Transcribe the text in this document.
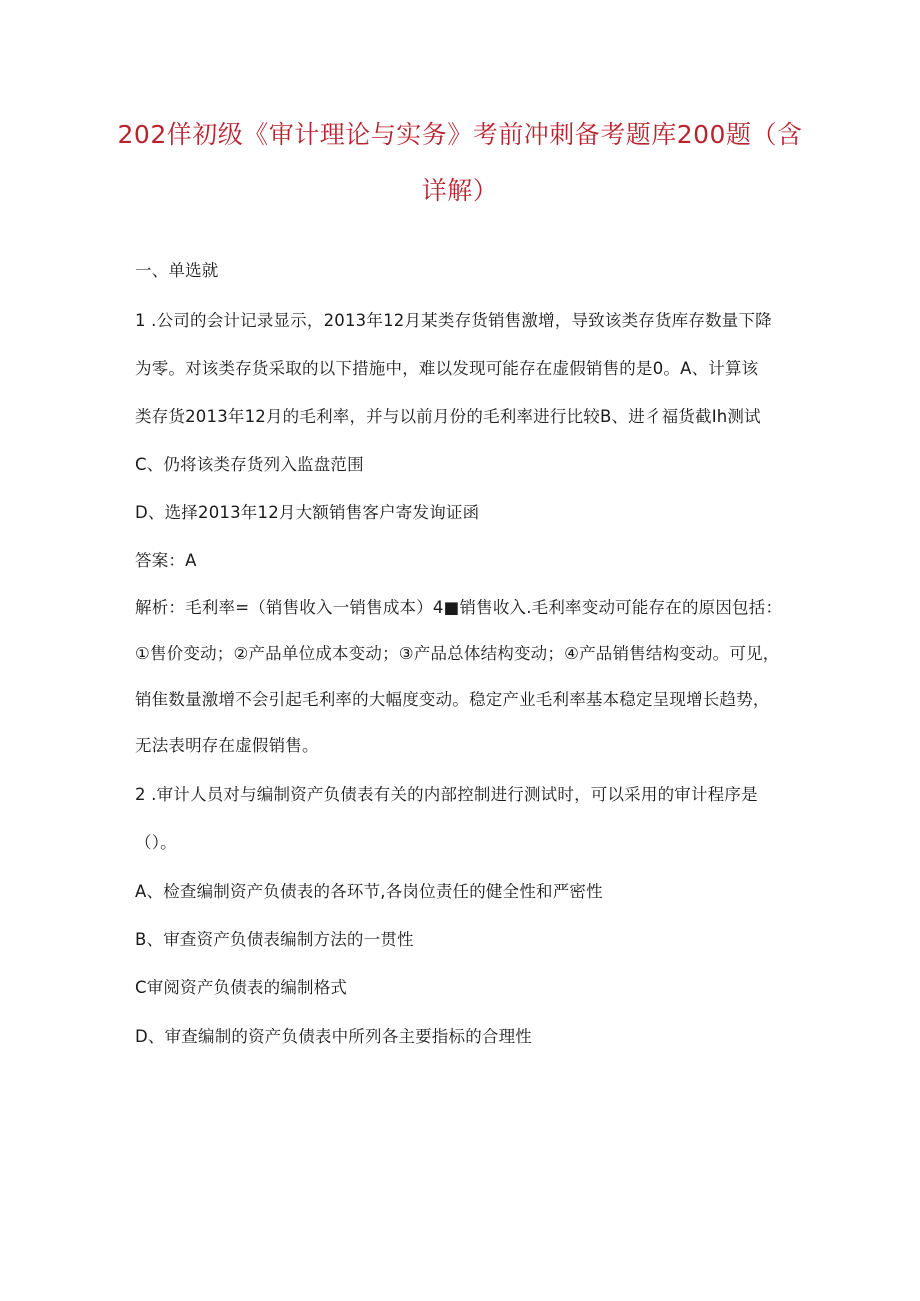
202佯初级《审计理论与实务》考前冲刺备考题库200题（含
详解）
一、单选就
1 .公司的会计记录显示，2013年12月某类存货销售激增，导致该类存货库存数量下降
为零。对该类存货采取的以下措施中，难以发现可能存在虚假销售的是0。A、计算该
类存货2013年12月的毛利率，并与以前月份的毛利率进行比较B、进彳福货截Ih测试
C、仍将该类存货列入监盘范围
D、选择2013年12月大额销售客户寄发询证函
答案：A
解析：毛利率=（销售收入一销售成本）4■销售收入.毛利率变动可能存在的原因包括：
①售价变动；②产品单位成本变动；③产品总体结构变动；④产品销售结构变动。可见，
销隹数量激增不会引起毛利率的大幅度变动。稳定产业毛利率基本稳定呈现增长趋势，
无法表明存在虚假销售。
2 .审计人员对与编制资产负债表有关的内部控制进行测试时，可以采用的审计程序是
（）。
A、检查编制资产负债表的各环节,各岗位责任的健全性和严密性
B、审查资产负债表编制方法的一贯性
C审阅资产负债表的编制格式
D、审查编制的资产负债表中所列各主要指标的合理性
